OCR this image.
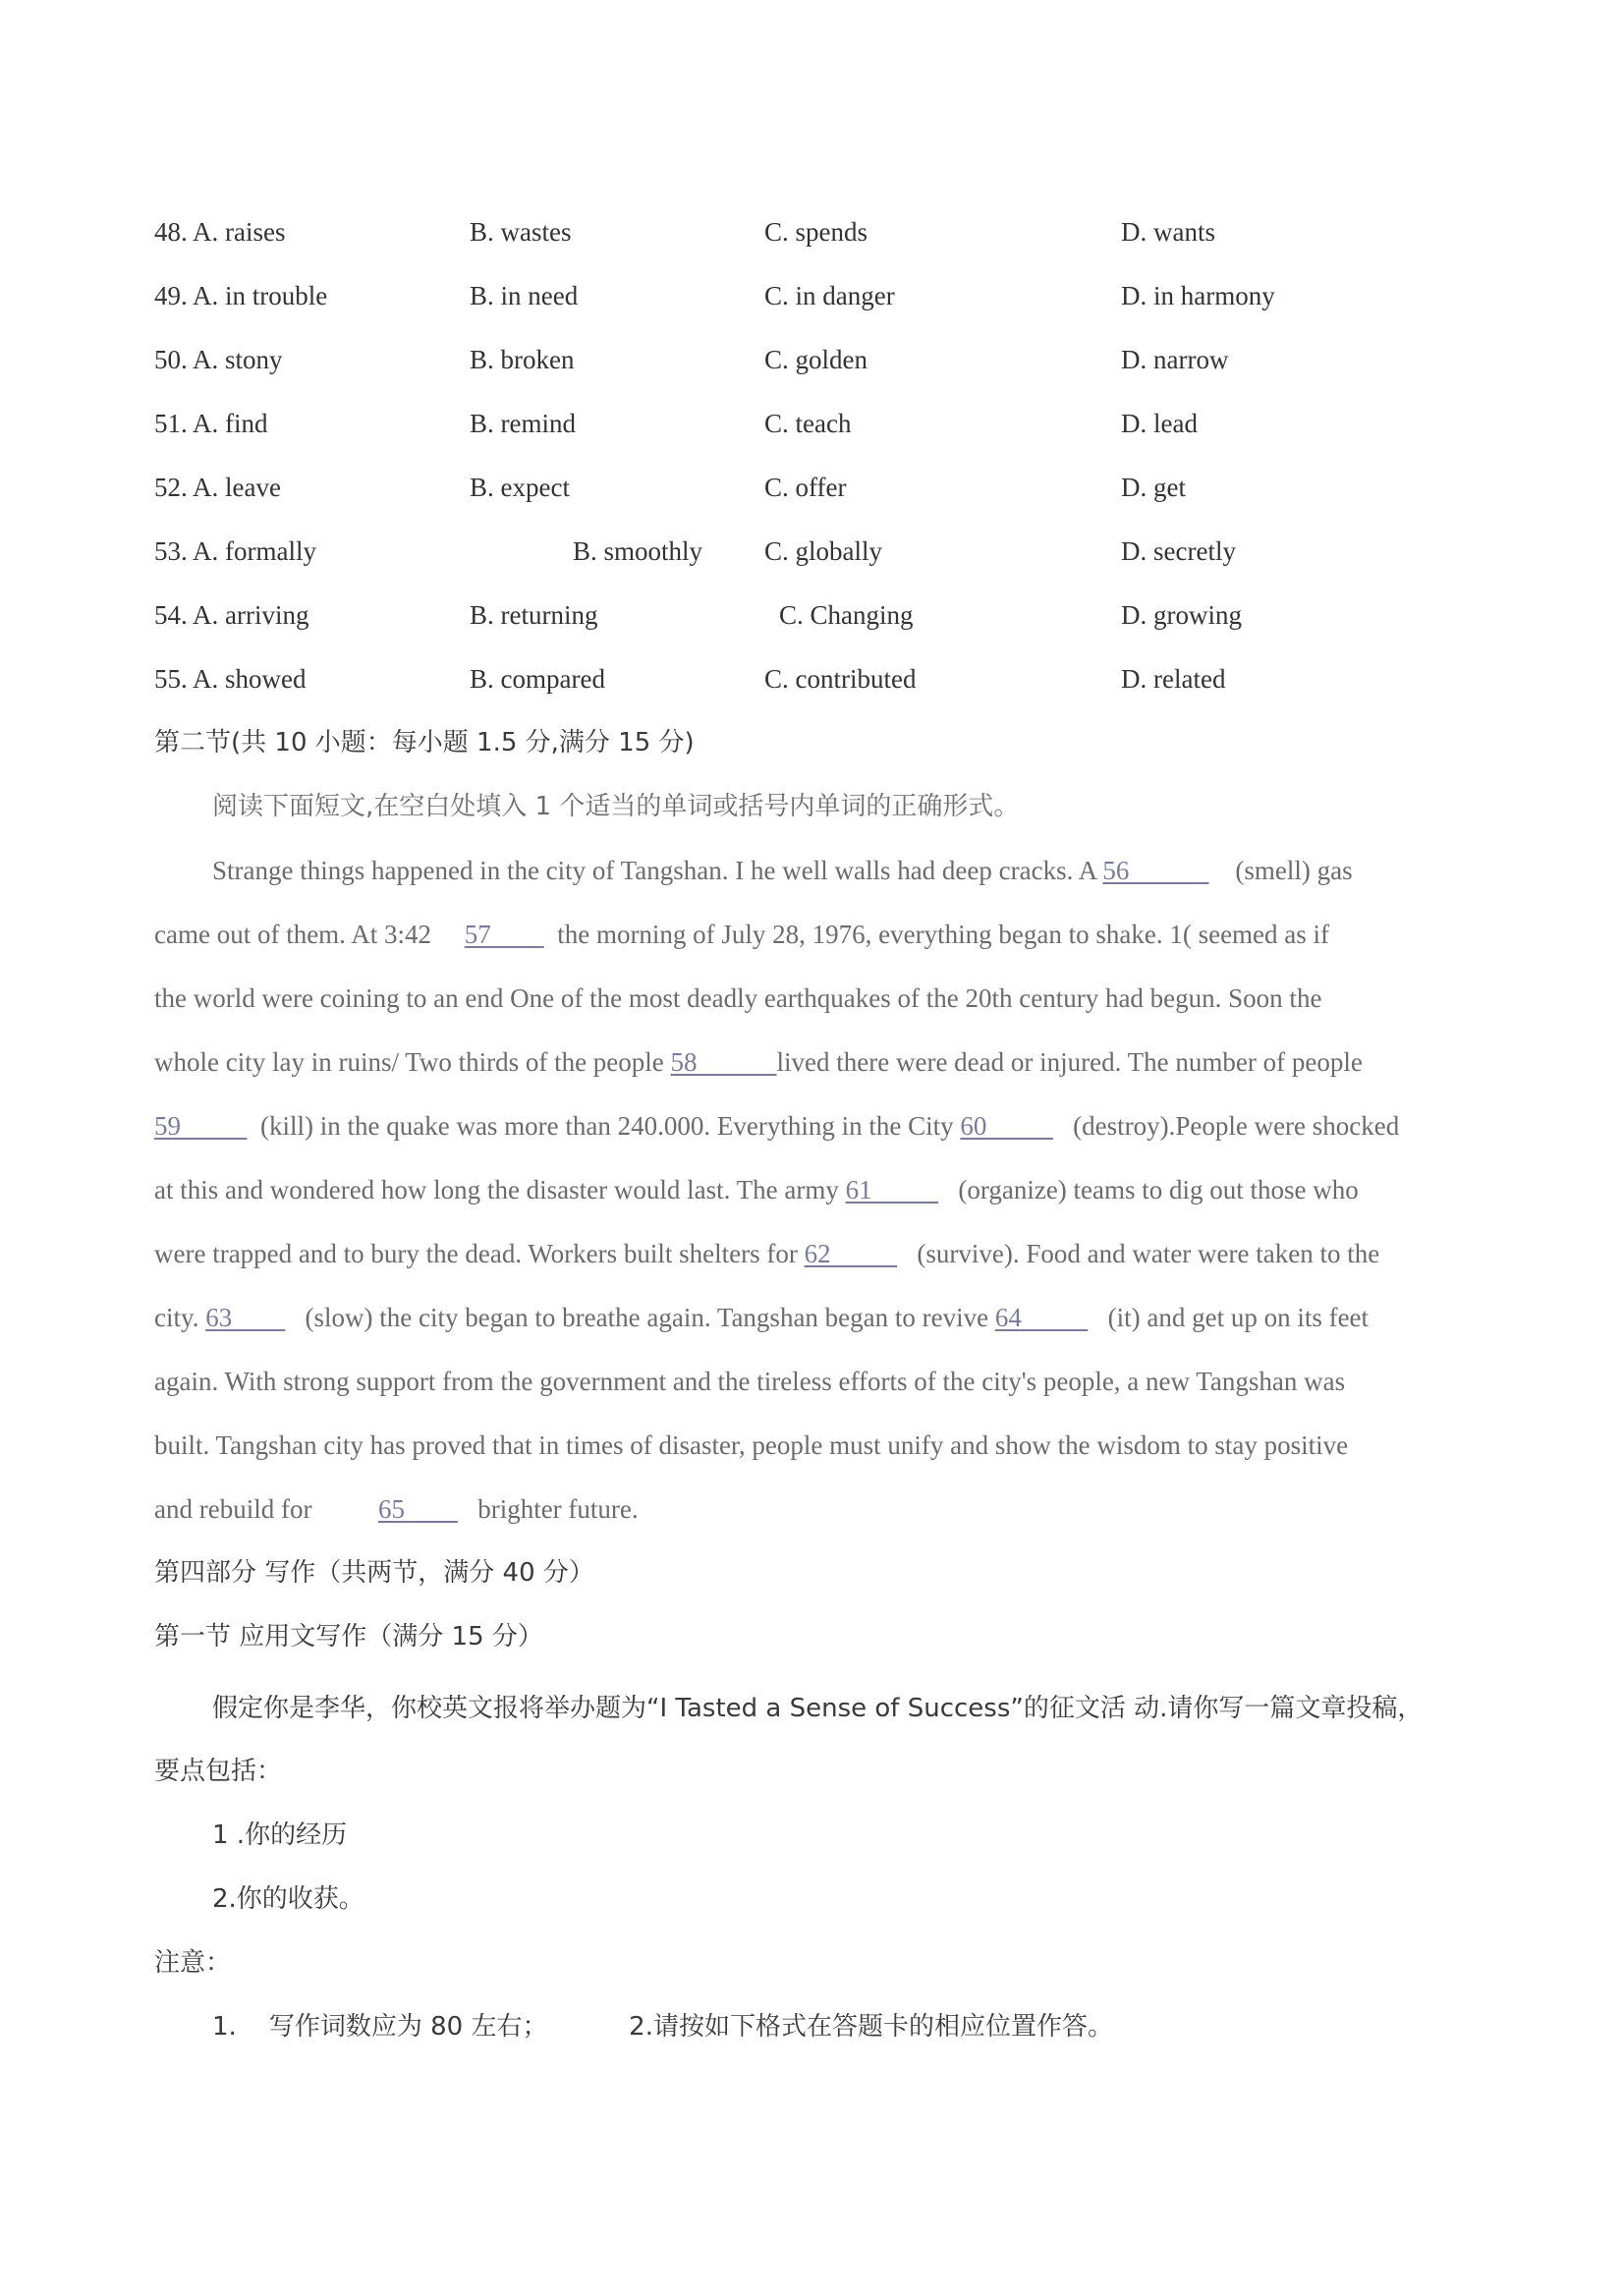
48. A. raises	B. wastes	C. spends	D. wants
49. A. in trouble	B. in need	C. in danger	D. in harmony
50. A. stony	B. broken	C. golden	D. narrow
51. A. find	B. remind	C. teach	D. lead
52. A. leave	B. expect	C. offer	D. get
53. A. formally	B. smoothly C. globally	D. secretly
54. A. arriving	B. returning	C. Changing	D. growing
55. A. showed	B. compared	C. contributed	D. related
第二节(共 10 小题：每小题 1.5 分,满分 15 分)
阅读下面短文,在空白处填入 1 个适当的单词或括号内单词的正确形式。
Strange things happened in the city of Tangshan. I he well walls had deep cracks. A 56	(smell) gas
came out of them. At 3:42 57	the morning of July 28, 1976, everything began to shake. 1( seemed as if
the world were coining to an end One of the most deadly earthquakes of the 20th century had begun. Soon the
whole city lay in ruins/ Two thirds of the people 58	lived there were dead or injured. The number of people
59	(kill) in the quake was more than 240.000. Everything in the City 60	(destroy).People were shocked
at this and wondered how long the disaster would last. The army 61	(organize) teams to dig out those who
were trapped and to bury the dead. Workers built shelters for 62	(survive). Food and water were taken to the
city. 63	(slow) the city began to breathe again. Tangshan began to revive 64	(it) and get up on its feet
again. With strong support from the government and the tireless efforts of the city's people, a new Tangshan was
built. Tangshan city has proved that in times of disaster, people must unify and show the wisdom to stay positive
and rebuild for	65	brighter future.
第四部分 写作（共两节，满分 40 分）
第一节 应用文写作（满分 15 分）
假定你是李华，你校英文报将举办题为“I Tasted a Sense of Success”的征文活 动.请你写一篇文章投稿，
要点包括：
1 .你的经历
2.你的收获。
注意：
1. 写作词数应为 80 左右；	2.请按如下格式在答题卡的相应位置作答。
